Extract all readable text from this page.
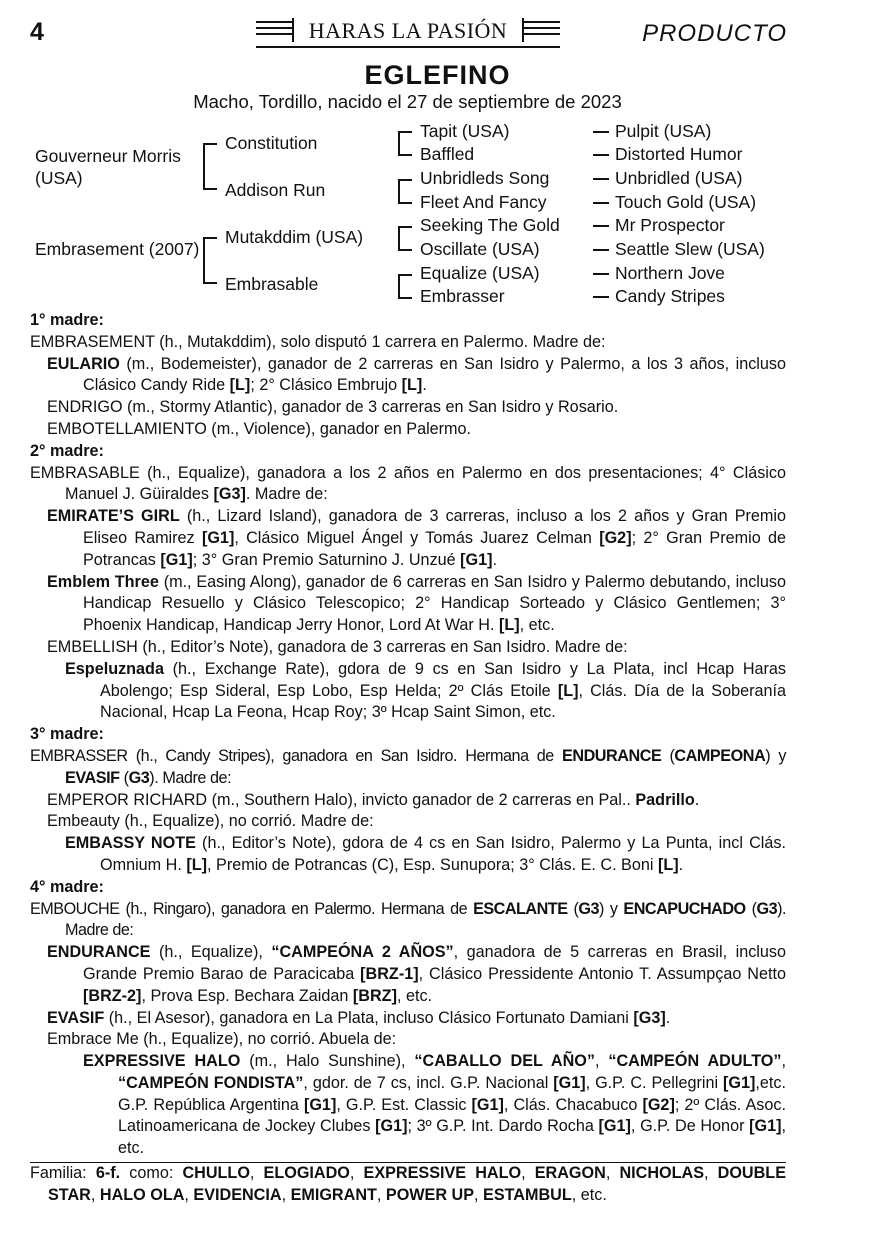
4	HARAS LA PASIÓN	PRODUCTO
EGLEFINO
Macho, Tordillo, nacido el 27 de septiembre de 2023
Gouverneur Morris (USA)
Embrasement (2007)
Constitution
Addison Run
Mutakddim (USA)
Embrasable
Tapit (USA)
Baffled
Unbridleds Song
Fleet And Fancy
Seeking The Gold
Oscillate (USA)
Equalize (USA)
Embrasser
Pulpit (USA)
Distorted Humor
Unbridled (USA)
Touch Gold (USA)
Mr Prospector
Seattle Slew (USA)
Northern Jove
Candy Stripes
1° madre:
EMBRASEMENT (h., Mutakddim), solo disputó 1 carrera en Palermo. Madre de:
EULARIO (m., Bodemeister), ganador de 2 carreras en San Isidro y Palermo, a los 3 años, incluso Clásico Candy Ride [L]; 2° Clásico Embrujo [L].
ENDRIGO (m., Stormy Atlantic), ganador de 3 carreras en San Isidro y Rosario.
EMBOTELLAMIENTO (m., Violence), ganador en Palermo.
2° madre:
EMBRASABLE (h., Equalize), ganadora a los 2 años en Palermo en dos presentaciones; 4° Clásico Manuel J. Güiraldes [G3]. Madre de:
EMIRATE’S GIRL (h., Lizard Island), ganadora de 3 carreras, incluso a los 2 años y Gran Premio Eliseo Ramirez [G1], Clásico Miguel Ángel y Tomás Juarez Celman [G2]; 2° Gran Premio de Potrancas [G1]; 3° Gran Premio Saturnino J. Unzué [G1].
Emblem Three (m., Easing Along), ganador de 6 carreras en San Isidro y Palermo debutando, incluso Handicap Resuello y Clásico Telescopico; 2° Handicap Sorteado y Clásico Gentlemen; 3° Phoenix Handicap, Handicap Jerry Honor, Lord At War H. [L], etc.
EMBELLISH (h., Editor’s Note), ganadora de 3 carreras en San Isidro. Madre de:
Espeluznada (h., Exchange Rate), gdora de 9 cs en San Isidro y La Plata, incl Hcap Haras Abolengo; Esp Sideral, Esp Lobo, Esp Helda; 2º Clás Etoile [L], Clás. Día de la Soberanía Nacional, Hcap La Feona, Hcap Roy; 3º Hcap Saint Simon, etc.
3° madre:
EMBRASSER (h., Candy Stripes), ganadora en San Isidro. Hermana de ENDURANCE (CAMPEONA) y EVASIF (G3). Madre de:
EMPEROR RICHARD (m., Southern Halo), invicto ganador de 2 carreras en Pal.. Padrillo.
Embeauty (h., Equalize), no corrió. Madre de:
EMBASSY NOTE (h., Editor’s Note), gdora de 4 cs en San Isidro, Palermo y La Punta, incl Clás. Omnium H. [L], Premio de Potrancas (C), Esp. Sunupora; 3° Clás. E. C. Boni [L].
4° madre:
EMBOUCHE (h., Ringaro), ganadora en Palermo. Hermana de ESCALANTE (G3) y ENCAPUCHADO (G3). Madre de:
ENDURANCE (h., Equalize), “CAMPEÓNA 2 AÑOS”, ganadora de 5 carreras en Brasil, incluso Grande Premio Barao de Paracicaba [BRZ-1], Clásico Pressidente Antonio T. Assumpçao Netto [BRZ-2], Prova Esp. Bechara Zaidan [BRZ], etc.
EVASIF (h., El Asesor), ganadora en La Plata, incluso Clásico Fortunato Damiani [G3].
Embrace Me (h., Equalize), no corrió. Abuela de:
EXPRESSIVE HALO (m., Halo Sunshine), “CABALLO DEL AÑO”, “CAMPEÓN ADULTO”, “CAMPEÓN FONDISTA”, gdor. de 7 cs, incl. G.P. Nacional [G1], G.P. C. Pellegrini [G1],etc. G.P. República Argentina [G1], G.P. Est. Classic [G1], Clás. Chacabuco [G2]; 2º Clás. Asoc. Latinoamericana de Jockey Clubes [G1]; 3º G.P. Int. Dardo Rocha [G1], G.P. De Honor [G1], etc.
Familia: 6-f. como: CHULLO, ELOGIADO, EXPRESSIVE HALO, ERAGON, NICHOLAS, DOUBLE STAR, HALO OLA, EVIDENCIA, EMIGRANT, POWER UP, ESTAMBUL, etc.
